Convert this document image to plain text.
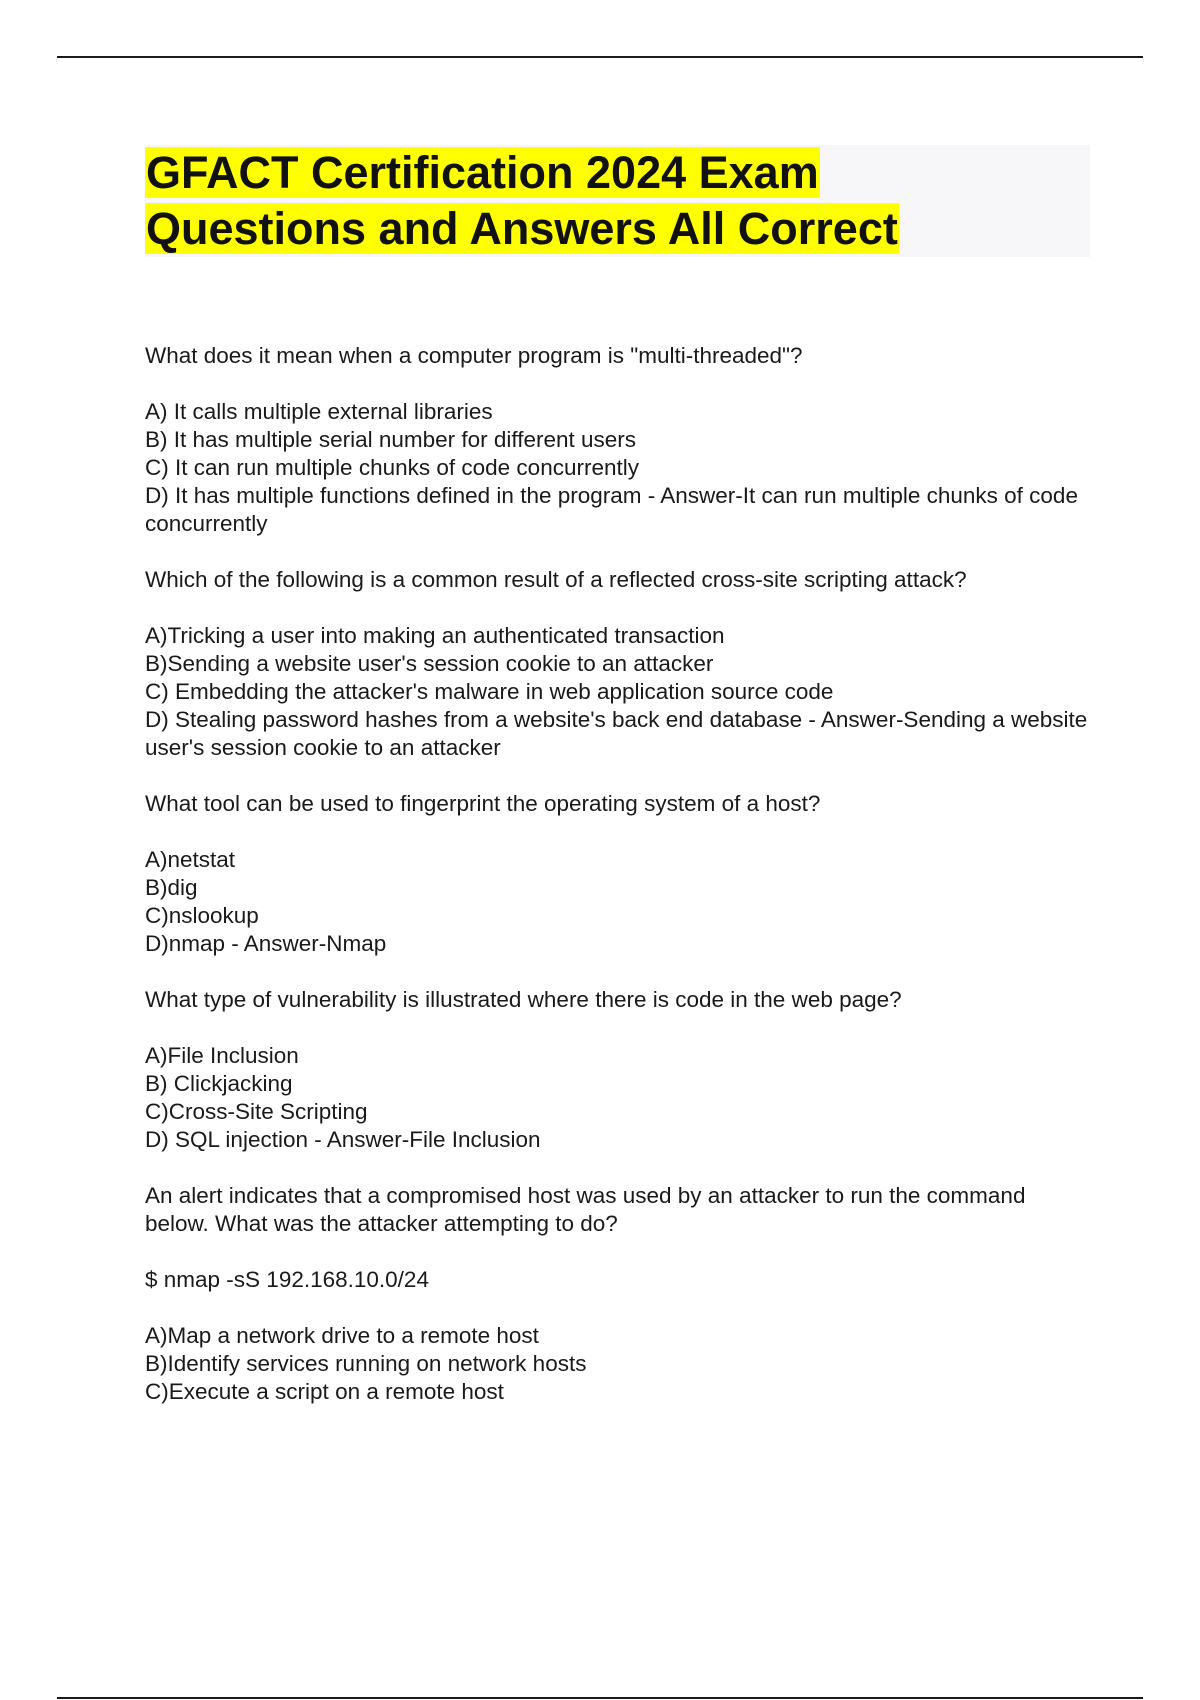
GFACT Certification 2024 Exam
Questions and Answers All Correct

What does it mean when a computer program is "multi-threaded"?

A) It calls multiple external libraries

B) It has multiple serial number for different users

C) It can run multiple chunks of code concurrently

D) It has multiple functions defined in the program - Answer-It can run multiple chunks of code concurrently

Which of the following is a common result of a reflected cross-site scripting attack?

A)Tricking a user into making an authenticated transaction

B)Sending a website user's session cookie to an attacker

C) Embedding the attacker's malware in web application source code

D) Stealing password hashes from a website's back end database - Answer-Sending a website user's session cookie to an attacker

What tool can be used to fingerprint the operating system of a host?

A)netstat

B)dig

C)nslookup

D)nmap - Answer-Nmap

What type of vulnerability is illustrated where there is code in the web page?

A)File Inclusion

B) Clickjacking

C)Cross-Site Scripting

D) SQL injection - Answer-File Inclusion

An alert indicates that a compromised host was used by an attacker to run the command below. What was the attacker attempting to do?

$ nmap -sS 192.168.10.0/24

A)Map a network drive to a remote host

B)Identify services running on network hosts

C)Execute a script on a remote host
